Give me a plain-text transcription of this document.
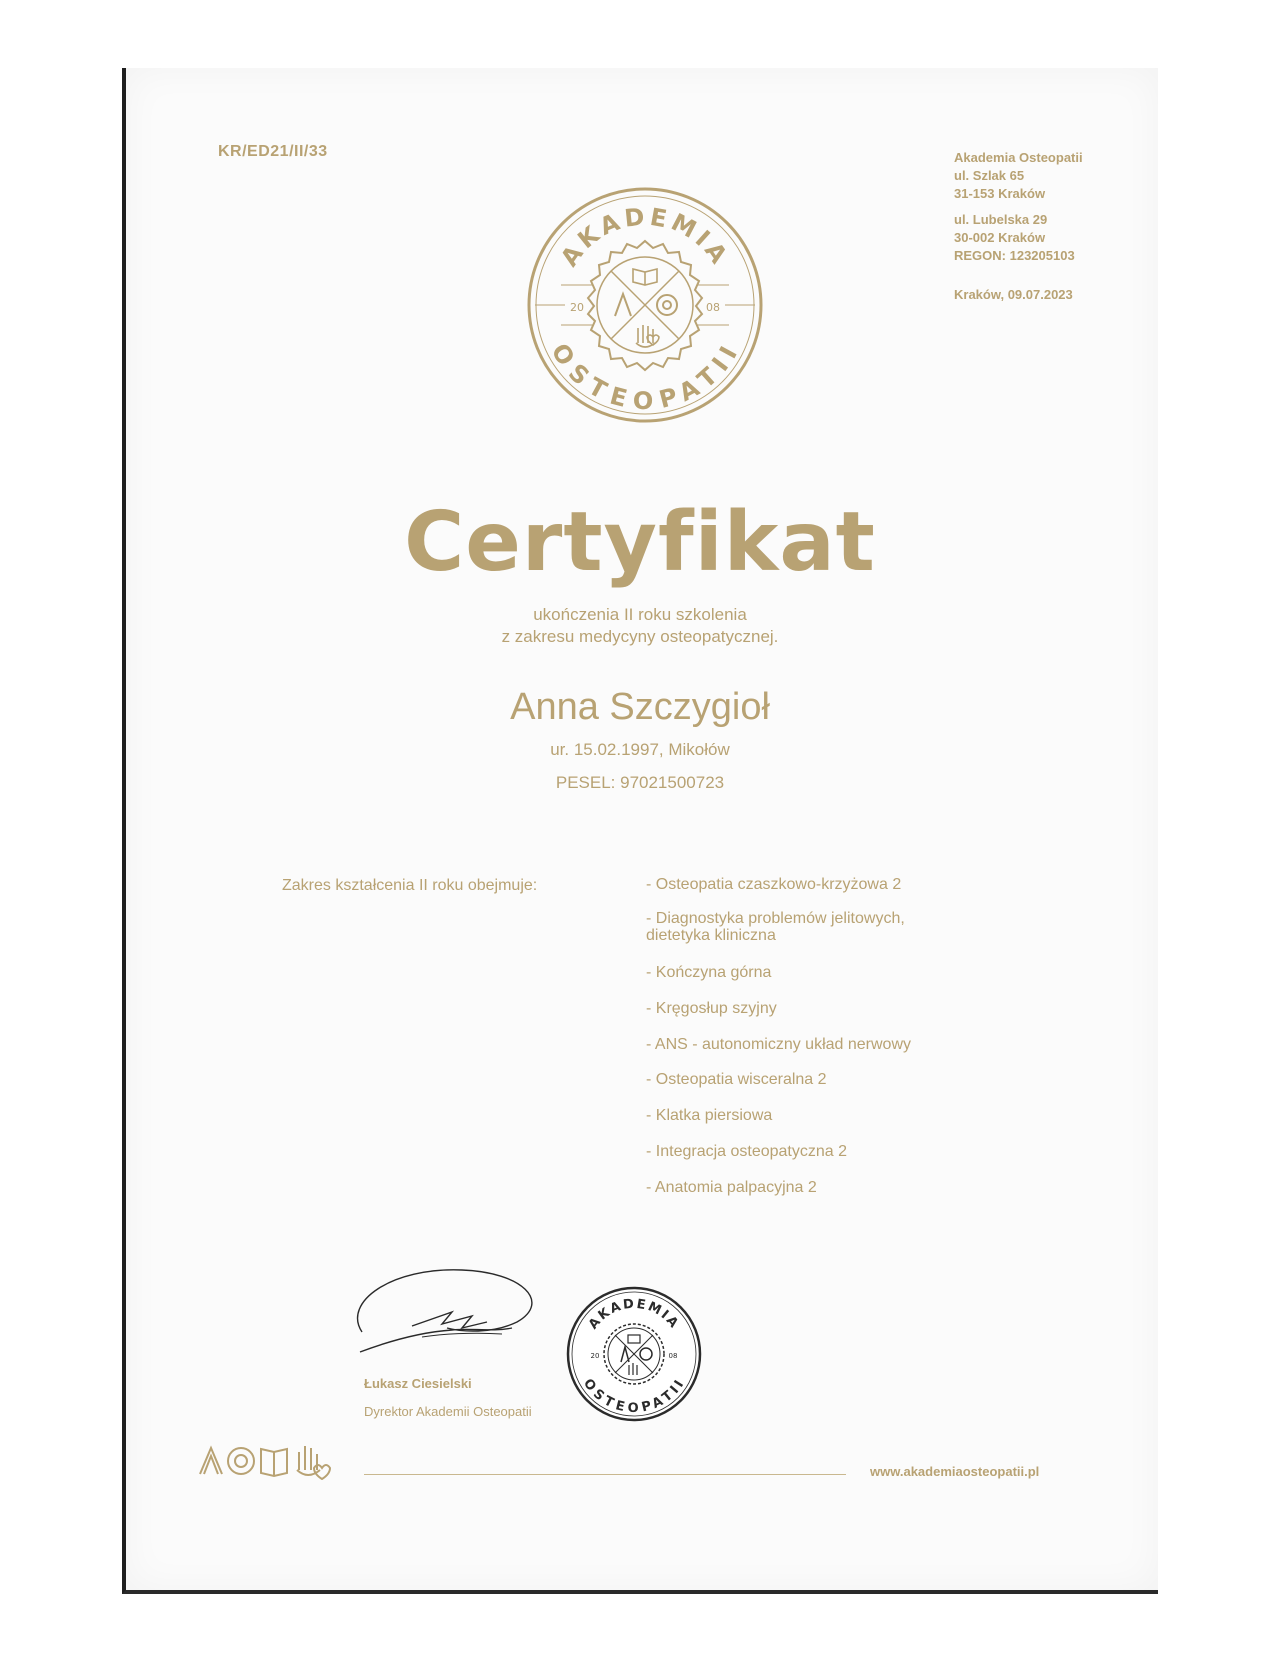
KR/ED21/II/33	Akademia Osteopatii
ul. Szlak 65
31-153 Kraków
ul. Lubelska 29
30-002 Kraków
REGON: 123205103
Kraków, 09.07.2023
AKADEMIA
OSTEOPATII
20	08
Certyfikat
ukończenia II roku szkolenia
z zakresu medycyny osteopatycznej.
Anna Szczygioł
ur. 15.02.1997, Mikołów
PESEL: 97021500723
Zakres kształcenia II roku obejmuje:	- Osteopatia czaszkowo-krzyżowa 2
- Diagnostyka problemów jelitowych, dietetyka kliniczna
- Kończyna górna
- Kręgosłup szyjny
- ANS - autonomiczny układ nerwowy
- Osteopatia wisceralna 2
- Klatka piersiowa
- Integracja osteopatyczna 2
- Anatomia palpacyjna 2
Łukasz Ciesielski
Dyrektor Akademii Osteopatii
AKADEMIA
OSTEOPATII
20	08
www.akademiaosteopatii.pl
